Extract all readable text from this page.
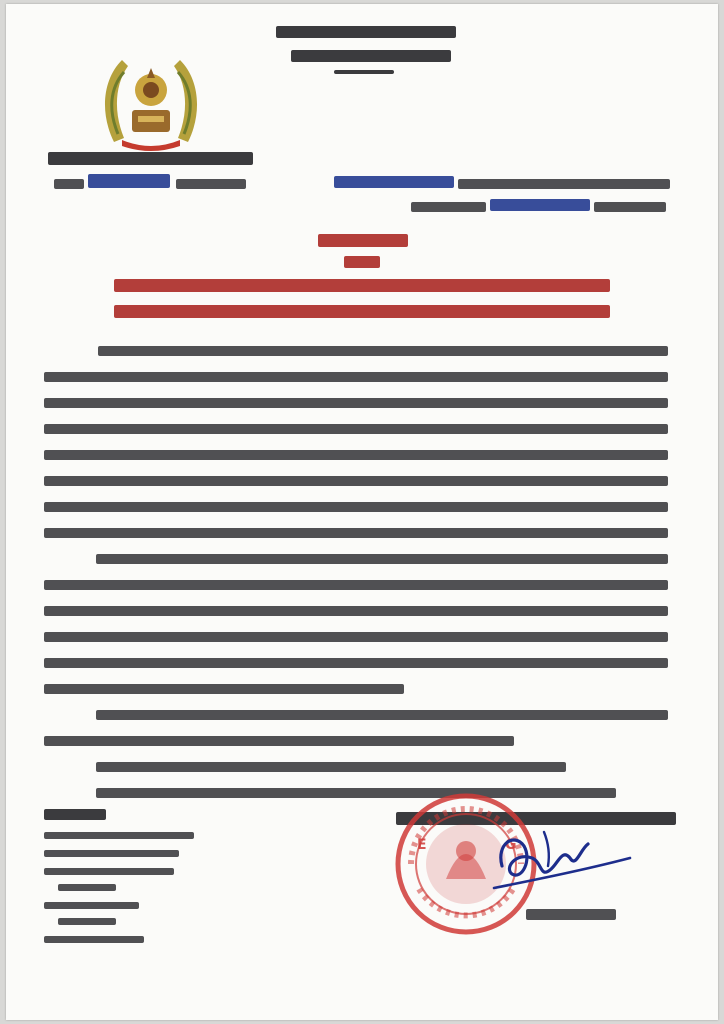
E	G
